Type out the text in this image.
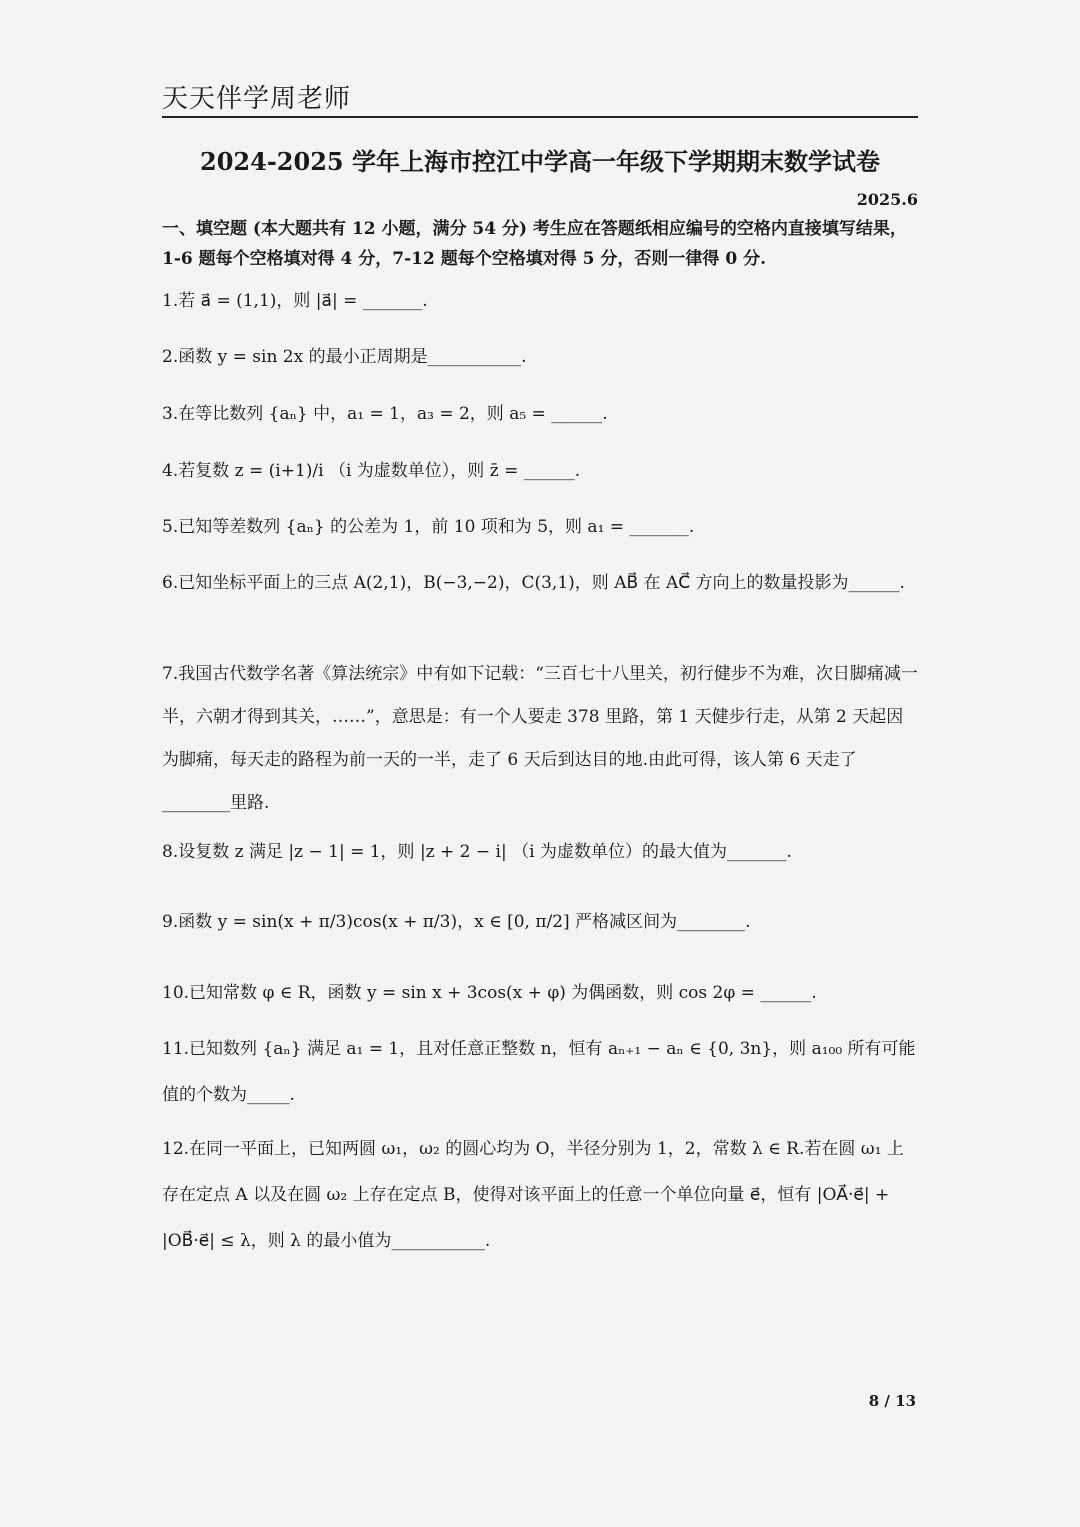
天天伴学周老师
2024-2025 学年上海市控江中学高一年级下学期期末数学试卷
2025.6
一、填空题 (本大题共有 12 小题，满分 54 分) 考生应在答题纸相应编号的空格内直接填写结果，1-6 题每个空格填对得 4 分，7-12 题每个空格填对得 5 分，否则一律得 0 分.
1.若 a⃗ = (1,1)，则 |a⃗| = _______.
2.函数 y = sin 2x 的最小正周期是___________.
3.在等比数列 {aₙ} 中，a₁ = 1，a₃ = 2，则 a₅ = ______.
4.若复数 z = (i+1)/i （i 为虚数单位），则 z̄ = ______.
5.已知等差数列 {aₙ} 的公差为 1，前 10 项和为 5，则 a₁ = _______.
6.已知坐标平面上的三点 A(2,1)，B(−3,−2)，C(3,1)，则 AB⃗ 在 AC⃗ 方向上的数量投影为______.
7.我国古代数学名著《算法统宗》中有如下记载：“三百七十八里关，初行健步不为难，次日脚痛减一半，六朝才得到其关，……”，意思是：有一个人要走 378 里路，第 1 天健步行走，从第 2 天起因为脚痛，每天走的路程为前一天的一半，走了 6 天后到达目的地.由此可得，该人第 6 天走了________里路.
8.设复数 z 满足 |z − 1| = 1，则 |z + 2 − i| （i 为虚数单位）的最大值为_______.
9.函数 y = sin(x + π/3)cos(x + π/3)，x ∈ [0, π/2] 严格减区间为________.
10.已知常数 φ ∈ R，函数 y = sin x + 3cos(x + φ) 为偶函数，则 cos 2φ = ______.
11.已知数列 {aₙ} 满足 a₁ = 1，且对任意正整数 n，恒有 aₙ₊₁ − aₙ ∈ {0, 3n}，则 a₁₀₀ 所有可能值的个数为_____.
12.在同一平面上，已知两圆 ω₁，ω₂ 的圆心均为 O，半径分别为 1，2，常数 λ ∈ R.若在圆 ω₁ 上存在定点 A 以及在圆 ω₂ 上存在定点 B，使得对该平面上的任意一个单位向量 e⃗，恒有 |OA⃗·e⃗| + |OB⃗·e⃗| ≤ λ，则 λ 的最小值为___________.
8 / 13
